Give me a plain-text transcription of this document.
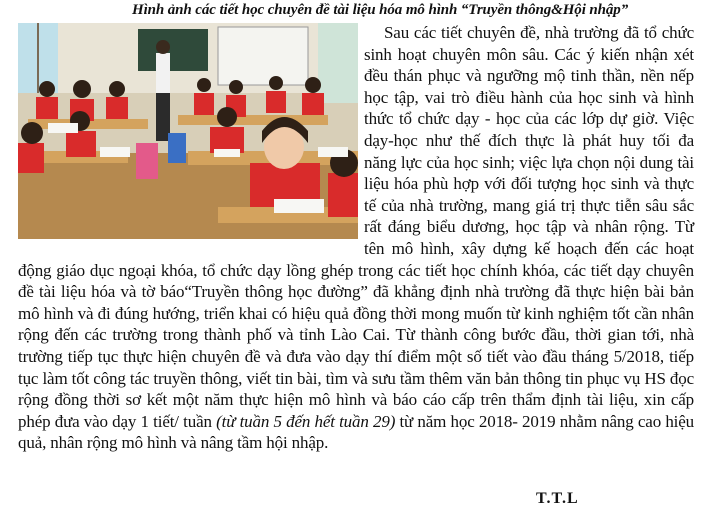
Hình ảnh các tiết học chuyên đề tài liệu hóa mô hình “Truyền thông&Hội nhập”

Sau các tiết chuyên đề, nhà trường đã tổ chức sinh hoạt chuyên môn sâu. Các ý kiến nhận xét đều thán phục và ngưỡng mộ tinh thần, nền nếp học tập, vai trò điều hành của học sinh và hình thức tổ chức dạy - học của các lớp dự giờ. Việc dạy-học như thế đích thực là phát huy tối đa năng lực của học sinh; việc lựa chọn nội dung tài liệu hóa phù hợp với đối tượng học sinh và thực tế của nhà trường, mang giá trị thực tiễn sâu sắc rất đáng biểu dương, học tập và nhân rộng. Từ tên mô hình, xây dựng kế hoạch đến các hoạt động giáo dục ngoại khóa, tổ chức dạy lồng ghép trong các tiết học chính khóa, các tiết dạy chuyên đề tài liệu hóa và tờ báo“Truyền thông học đường” đã khẳng định nhà trường đã thực hiện bài bản mô hình và đi đúng hướng, triển khai có hiệu quả đồng thời mong muốn từ kinh nghiệm tốt cần nhân rộng đến các trường trong thành phố và tỉnh Lào Cai. Từ thành công bước đầu, thời gian tới, nhà trường tiếp tục thực hiện chuyên đề và đưa vào dạy thí điểm một số tiết vào đầu tháng 5/2018, tiếp tục làm tốt công tác truyền thông, viết tin bài, tìm và sưu tầm thêm văn bản thông tin phục vụ HS đọc rộng đồng thời sơ kết một năm thực hiện mô hình và báo cáo cấp trên thẩm định tài liệu, xin cấp phép đưa vào dạy 1 tiết/ tuần (từ tuần 5 đến hết tuần 29) từ năm học 2018- 2019 nhằm nâng cao hiệu quả, nhân rộng mô hình và nâng tầm hội nhập.

T.T.L
